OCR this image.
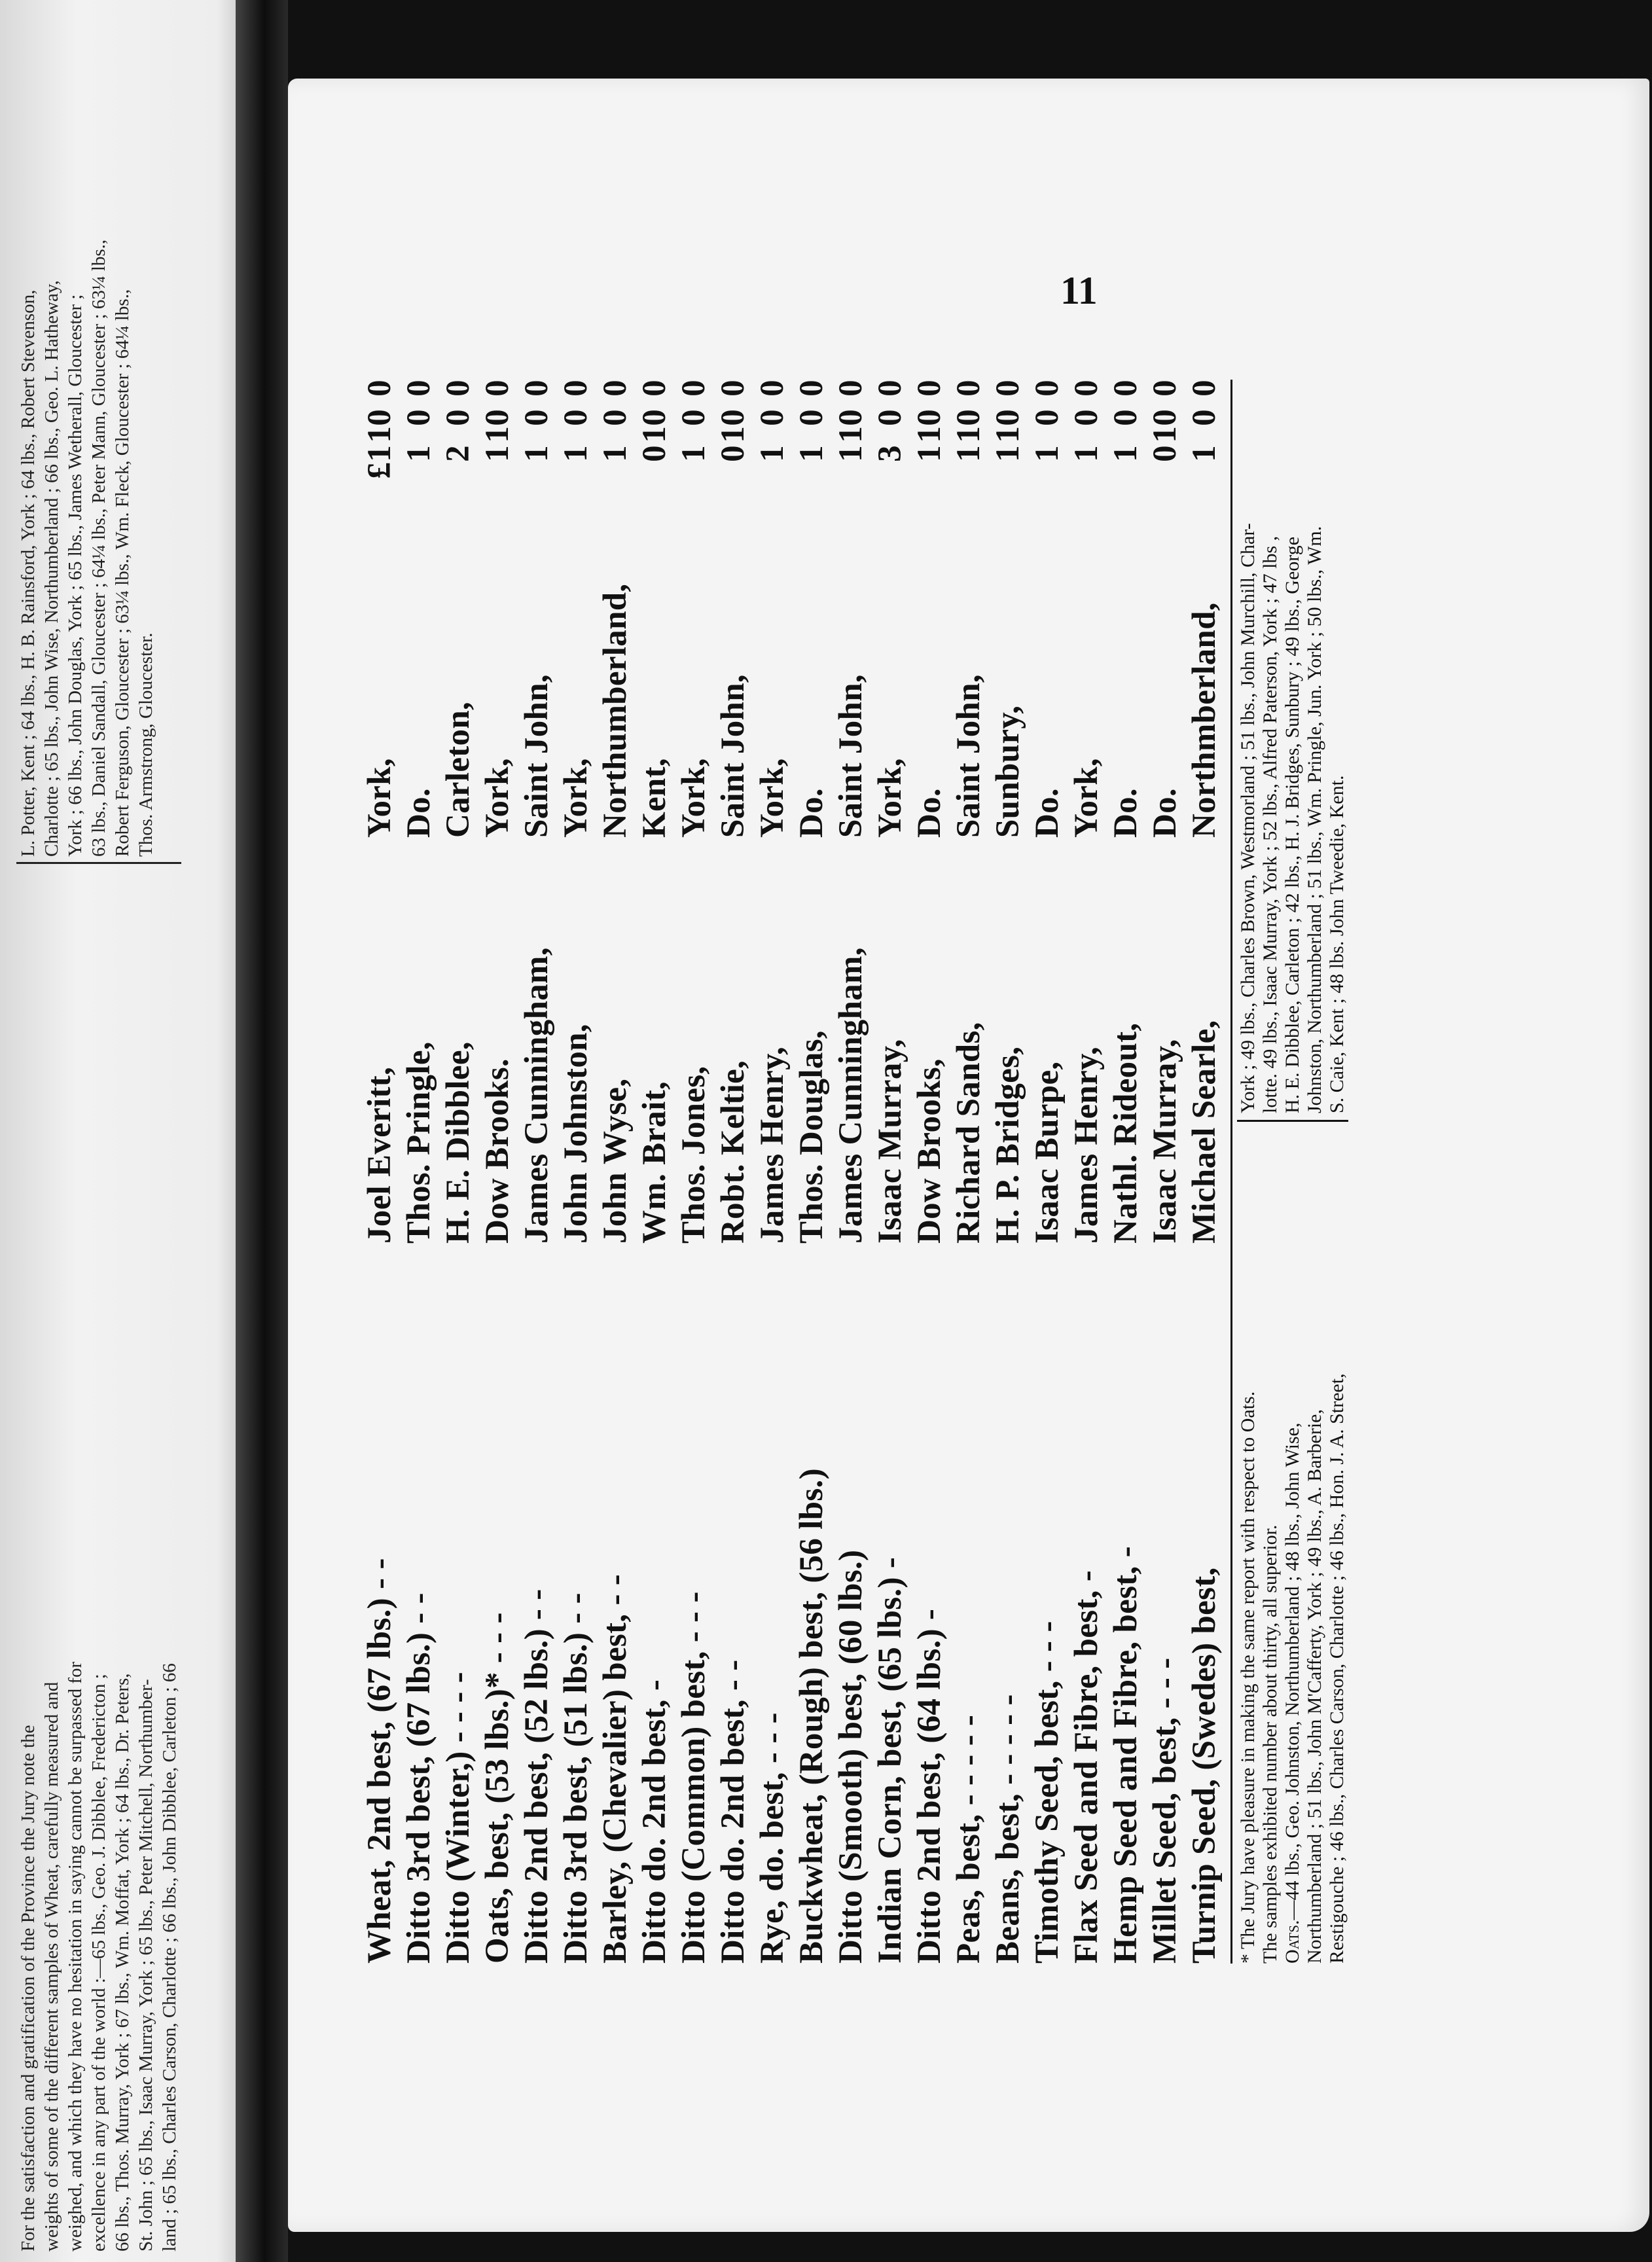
For the satisfaction and gratification of the Province the Jury note the weights of some of the different samples of Wheat, carefully measured and weighed, and which they have no hesitation in saying cannot be surpassed for excellence in any part of the world :—65 lbs., Geo. J. Dibblee, Fredericton ; 66 lbs., Thos. Murray, York ; 67 lbs., Wm. Moffat, York ; 64 lbs., Dr. Peters, St. John ; 65 lbs., Isaac Murray, York ; 65 lbs., Peter Mitchell, Northumber- land ; 65 lbs., Charles Carson, Charlotte ; 66 lbs., John Dibblee, Carleton ; 66

L. Potter, Kent ; 64 lbs., H. B. Rainsford, York ; 64 lbs., Robert Stevenson, Charlotte ; 65 lbs., John Wise, Northumberland ; 66 lbs., Geo. L. Hatheway, York ; 66 lbs., John Douglas, York ; 65 lbs., James Wetherall, Gloucester ; 63 lbs., Daniel Sandall, Gloucester ; 64¼ lbs., Peter Mann, Gloucester ; 63¼ lbs., Robert Ferguson, Gloucester ; 63¼ lbs., Wm. Fleck, Gloucester ; 64¼ lbs., Thos. Armstrong, Gloucester.

11
Wheat, 2nd best, (67 lbs.) - -
Joel Everitt,
York,
£1
10
0
Ditto 3rd best, (67 lbs.) - -
Thos. Pringle,
Do.
1
0
0
Ditto (Winter,) - - - -
H. E. Dibblee,
Carleton,
2
0
0
Oats, best, (53 lbs.)* - - -
Dow Brooks.
York,
1
10
0
Ditto 2nd best, (52 lbs.) - -
James Cunningham,
Saint John,
1
0
0
Ditto 3rd best, (51 lbs.) - -
John Johnston,
York,
1
0
0
Barley, (Chevalier) best, - -
John Wyse,
Northumberland,
1
0
0
Ditto do. 2nd best, -
Wm. Brait,
Kent,
0
10
0
Ditto (Common) best, - - -
Thos. Jones,
York,
1
0
0
Ditto do. 2nd best, - -
Robt. Keltie,
Saint John,
0
10
0
Rye, do. best, - - -
James Henry,
York,
1
0
0
Buckwheat, (Rough) best, (56 lbs.)
Thos. Douglas,
Do.
1
0
0
Ditto (Smooth) best, (60 lbs.)
James Cunningham,
Saint John,
1
10
0
Indian Corn, best, (65 lbs.) -
Isaac Murray,
York,
3
0
0
Ditto 2nd best, (64 lbs.) -
Dow Brooks,
Do.
1
10
0
Peas, best, - - - - -
Richard Sands,
Saint John,
1
10
0
Beans, best, - - - - -
H. P. Bridges,
Sunbury,
1
10
0
Timothy Seed, best, - - -
Isaac Burpe,
Do.
1
0
0
Flax Seed and Fibre, best, -
James Henry,
York,
1
0
0
Hemp Seed and Fibre, best, -
Nathl. Rideout,
Do.
1
0
0
Millet Seed, best, - - -
Isaac Murray,
Do.
0
10
0
Turnip Seed, (Swedes) best,
Michael Searle,
Northmberland,
1
0
0

* The Jury have pleasure in making the same report with respect to Oats. The samples exhibited number about thirty, all superior. Oats.—44 lbs., Geo. Johnston, Northumberland ; 48 lbs., John Wise, Northumberland ; 51 lbs., John M'Cafferty, York ; 49 lbs., A. Barberie, Restigouche ; 46 lbs., Charles Carson, Charlotte ; 46 lbs., Hon. J. A. Street,

York ; 49 lbs., Charles Brown, Westmorland ; 51 lbs., John Murchill, Char- lotte. 49 lbs., Isaac Murray, York ; 52 lbs., Alfred Paterson, York ; 47 lbs , H. E. Dibblee, Carleton ; 42 lbs., H. J. Bridges, Sunbury ; 49 lbs., George Johnston, Northumberland ; 51 lbs., Wm. Pringle, Jun. York ; 50 lbs., Wm. S. Caie, Kent ; 48 lbs. John Tweedie, Kent.
